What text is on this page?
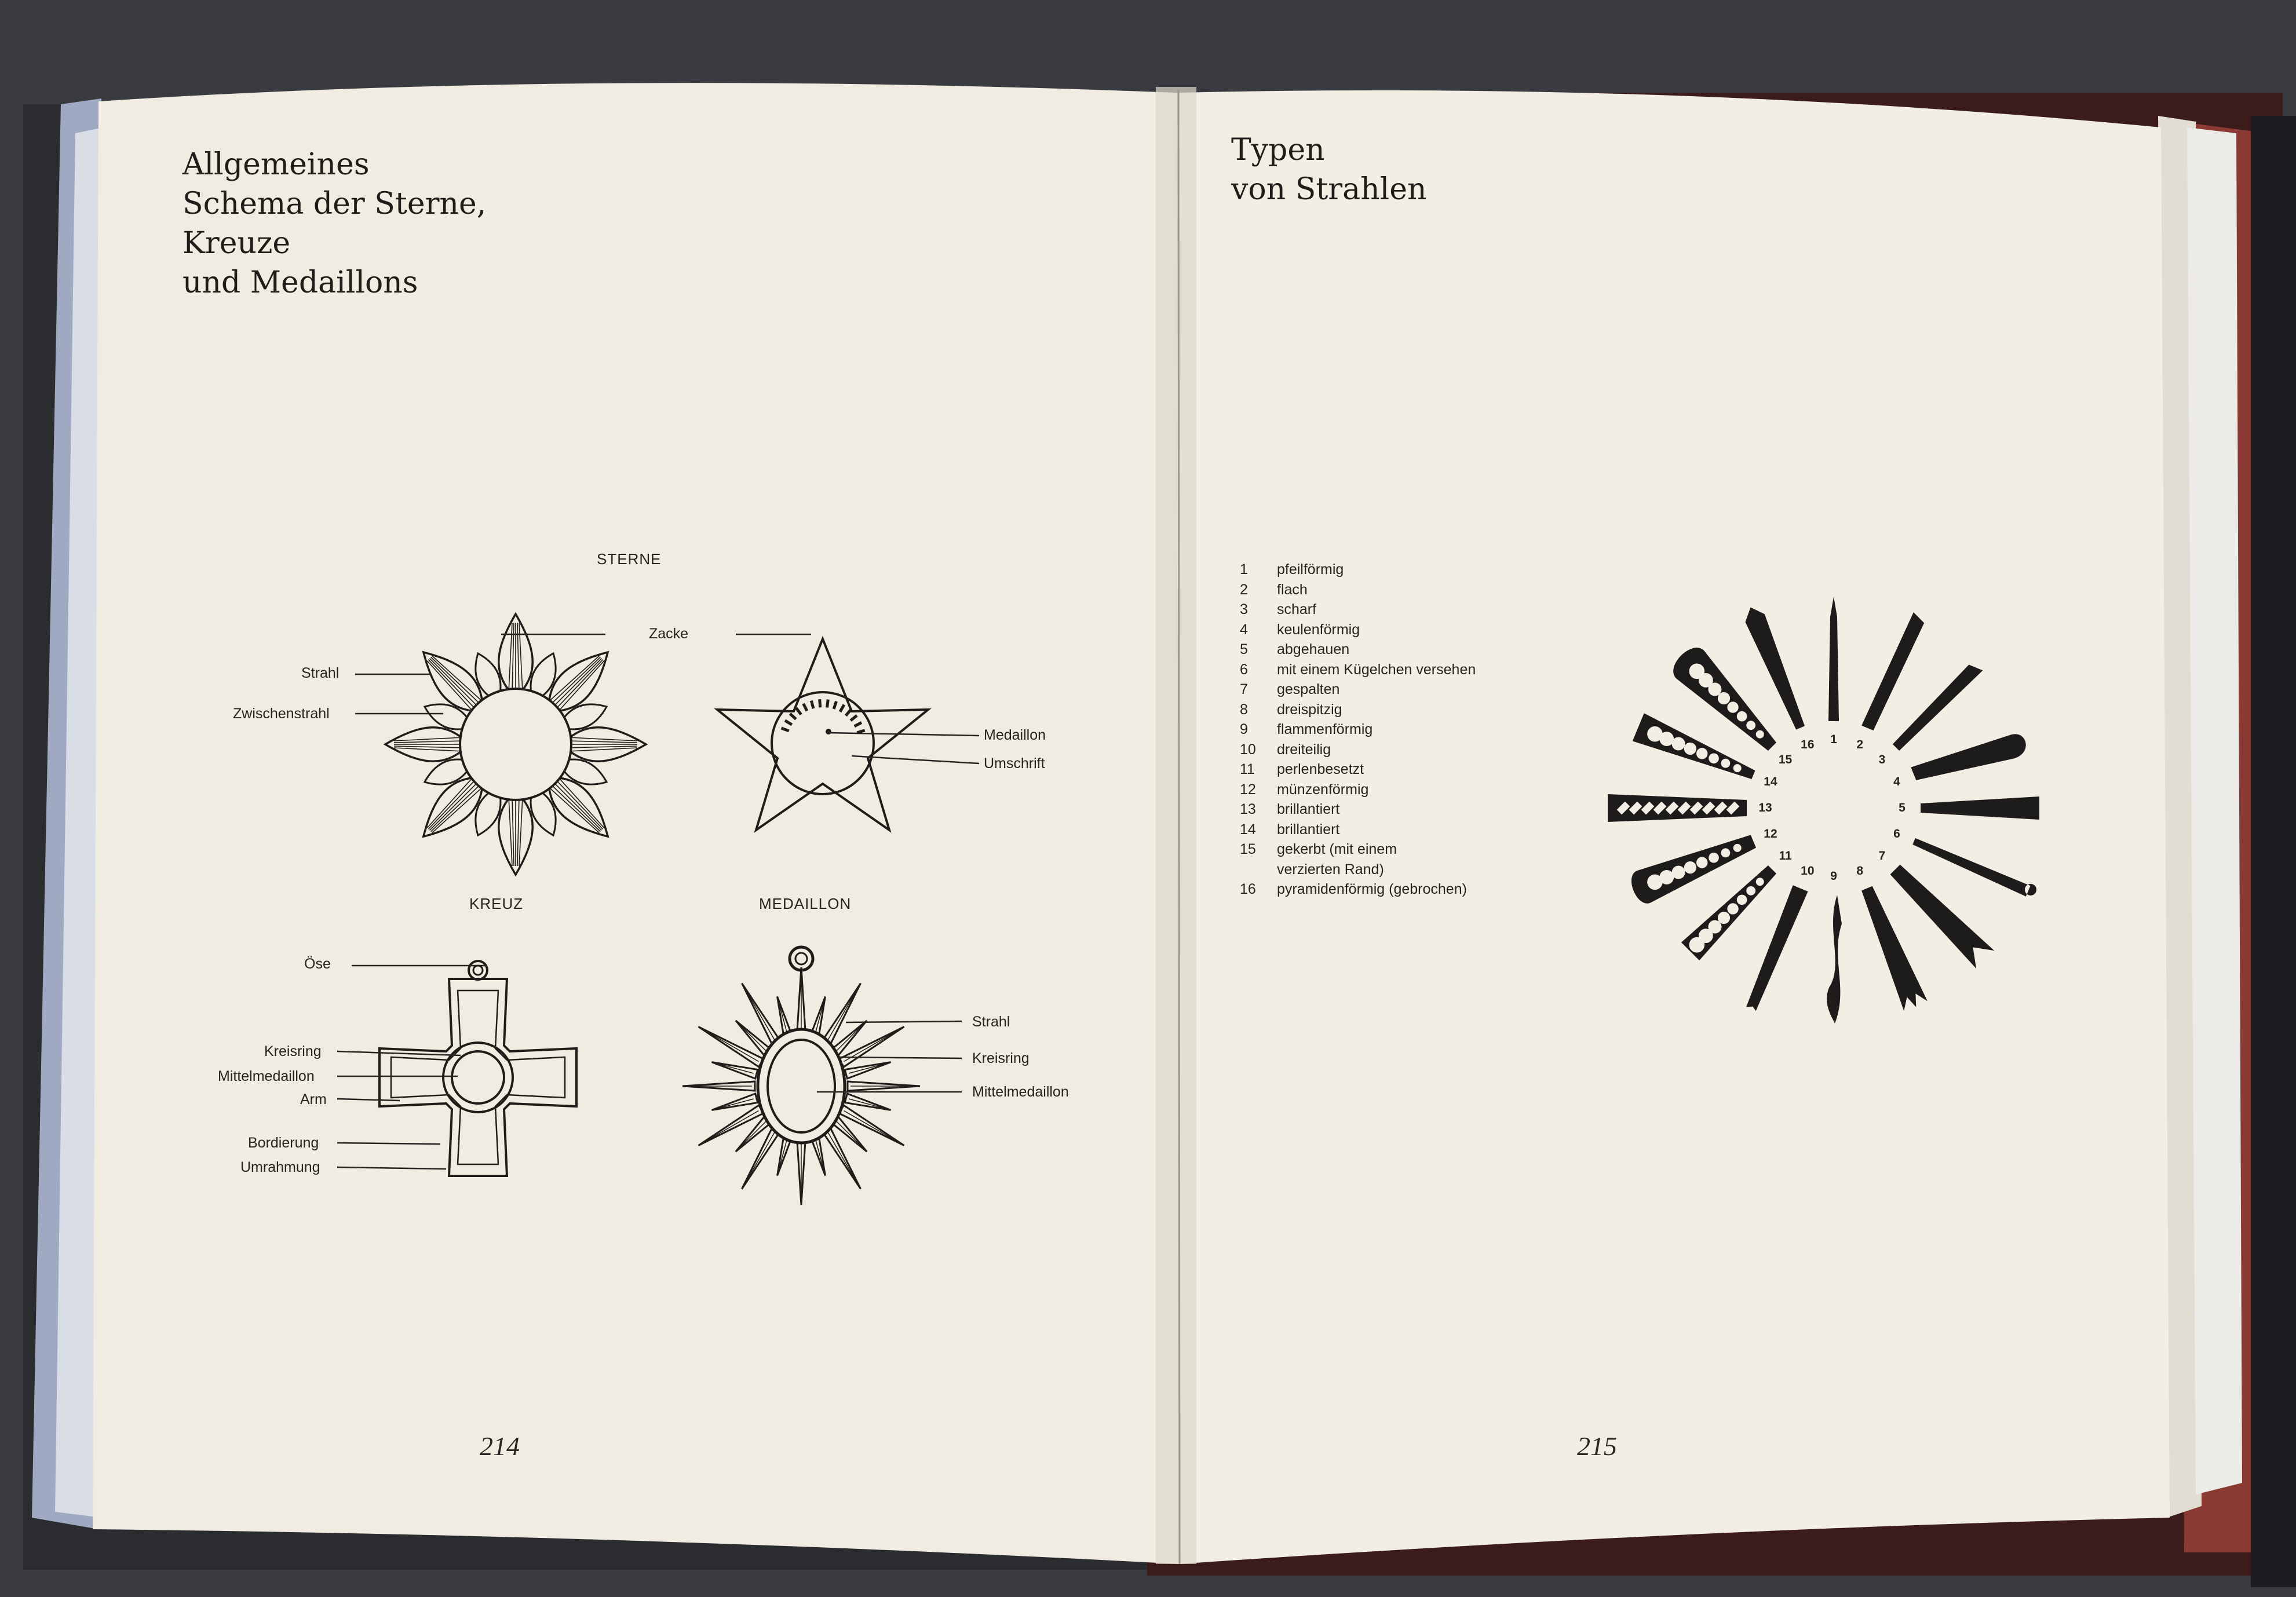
Allgemeines
Schema der Sterne,
Kreuze
und Medaillons
STERNE
KREUZ	MEDAILLON
Zacke
Strahl
Zwischenstrahl
Medaillon
Umschrift
Öse
Kreisring
Mittelmedaillon
Arm
Bordierung
Umrahmung
Strahl
Kreisring
Mittelmedaillon
214
Typen
von Strahlen
1	pfeilförmig
2	flach
3	scharf
4	keulenförmig
5	abgehauen
6	mit einem Kügelchen versehen
7	gespalten
8	dreispitzig
9	flammenförmig
10	dreiteilig
11	perlenbesetzt
12	münzenförmig
13	brillantiert
14	brillantiert
15	gekerbt (mit einem verzierten Rand)
16	pyramidenförmig (gebrochen)
1 2
3
4
5
6
7
8
9
10
11
12
13
14
15
16
215
